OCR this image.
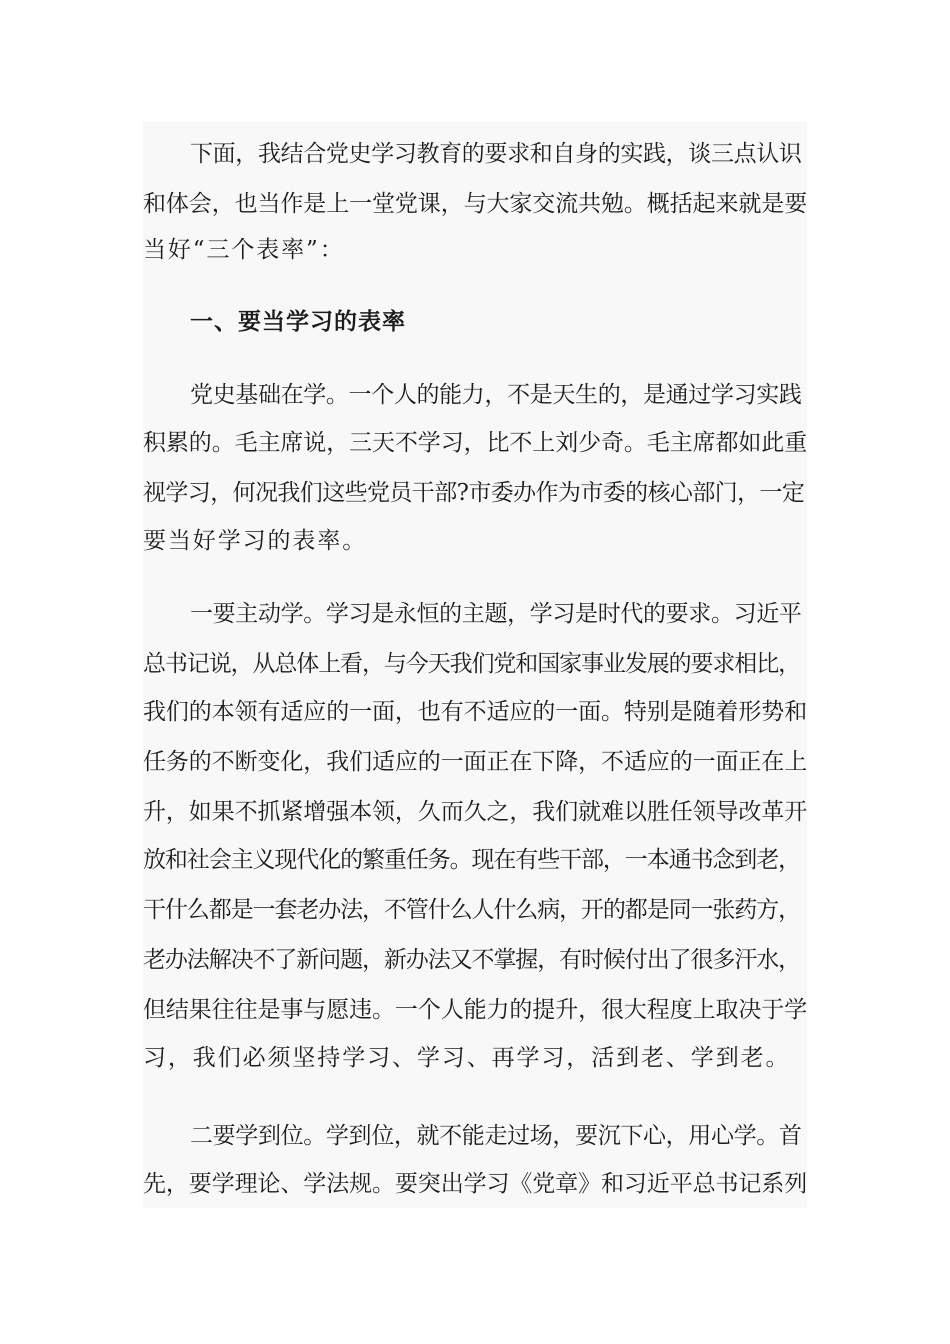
下面，我结合党史学习教育的要求和自身的实践，谈三点认识
和体会，也当作是上一堂党课，与大家交流共勉。概括起来就是要
当好“三个表率”：
一、要当学习的表率
党史基础在学。一个人的能力，不是天生的，是通过学习实践
积累的。毛主席说，三天不学习，比不上刘少奇。毛主席都如此重
视学习，何况我们这些党员干部?市委办作为市委的核心部门，一定
要当好学习的表率。
一要主动学。学习是永恒的主题，学习是时代的要求。习近平
总书记说，从总体上看，与今天我们党和国家事业发展的要求相比，
我们的本领有适应的一面，也有不适应的一面。特别是随着形势和
任务的不断变化，我们适应的一面正在下降，不适应的一面正在上
升，如果不抓紧增强本领，久而久之，我们就难以胜任领导改革开
放和社会主义现代化的繁重任务。现在有些干部，一本通书念到老，
干什么都是一套老办法，不管什么人什么病，开的都是同一张药方，
老办法解决不了新问题，新办法又不掌握，有时候付出了很多汗水，
但结果往往是事与愿违。一个人能力的提升，很大程度上取决于学
习，我们必须坚持学习、学习、再学习，活到老、学到老。
二要学到位。学到位，就不能走过场，要沉下心，用心学。首
先，要学理论、学法规。要突出学习《党章》和习近平总书记系列
